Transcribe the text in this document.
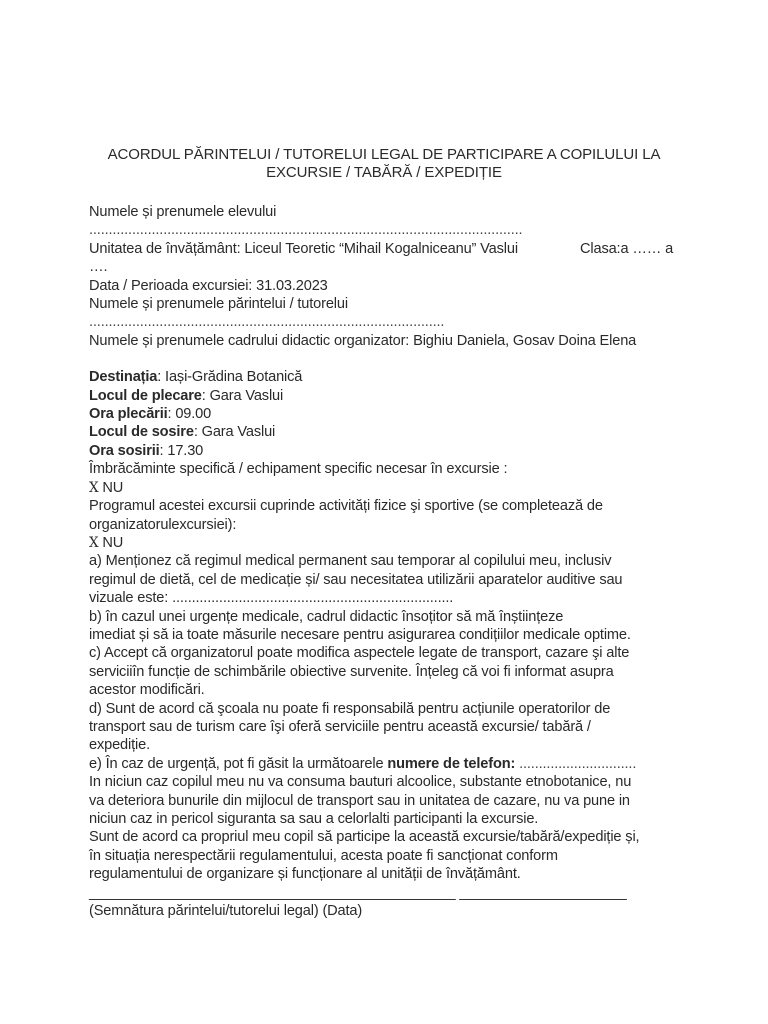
ACORDUL PĂRINTELUI / TUTORELUI LEGAL DE PARTICIPARE A COPILULUI LA
EXCURSIE / TABĂRĂ / EXPEDIȚIE
Numele și prenumele elevului
...............................................................................................................
Unitatea de învățământ: Liceul Teoretic “Mihail Kogalniceanu” Vaslui	Clasa:a …… a
….
Data / Perioada excursiei: 31.03.2023
Numele și prenumele părintelui / tutorelui
...........................................................................................
Numele și prenumele cadrului didactic organizator: Bighiu Daniela, Gosav Doina Elena
Destinația: Iași-Grădina Botanică
Locul de plecare: Gara Vaslui
Ora plecării: 09.00
Locul de sosire: Gara Vaslui
Ora sosirii: 17.30
Îmbrăcăminte specifică / echipament specific necesar în excursie :
X NU
Programul acestei excursii cuprinde activități fizice şi sportive (se completează de
organizatorulexcursiei):
X NU
a) Menționez că regimul medical permanent sau temporar al copilului meu, inclusiv
regimul de dietă, cel de medicație și/ sau necesitatea utilizării aparatelor auditive sau
vizuale este: ........................................................................
b) în cazul unei urgențe medicale, cadrul didactic însoțitor să mă înștiințeze
imediat și să ia toate măsurile necesare pentru asigurarea condițiilor medicale optime.
c) Accept că organizatorul poate modifica aspectele legate de transport, cazare şi alte
serviciiîn funcție de schimbările obiective survenite. Înțeleg că voi fi informat asupra
acestor modificări.
d) Sunt de acord că şcoala nu poate fi responsabilă pentru acțiunile operatorilor de
transport sau de turism care îşi oferă serviciile pentru această excursie/ tabără /
expediție.
e) În caz de urgență, pot fi găsit la următoarele numere de telefon: ..............................
In niciun caz copilul meu nu va consuma bauturi alcoolice, substante etnobotanice, nu
va deteriora bunurile din mijlocul de transport sau in unitatea de cazare, nu va pune in
niciun caz in pericol siguranta sa sau a celorlalti participanti la excursie.
Sunt de acord ca propriul meu copil să participe la această excursie/tabără/expediție și,
în situația nerespectării regulamentului, acesta poate fi sancționat conform
regulamentului de organizare și funcționare al unității de învățământ.
______________________________________________ _____________________
(Semnătura părintelui/tutorelui legal) (Data)
